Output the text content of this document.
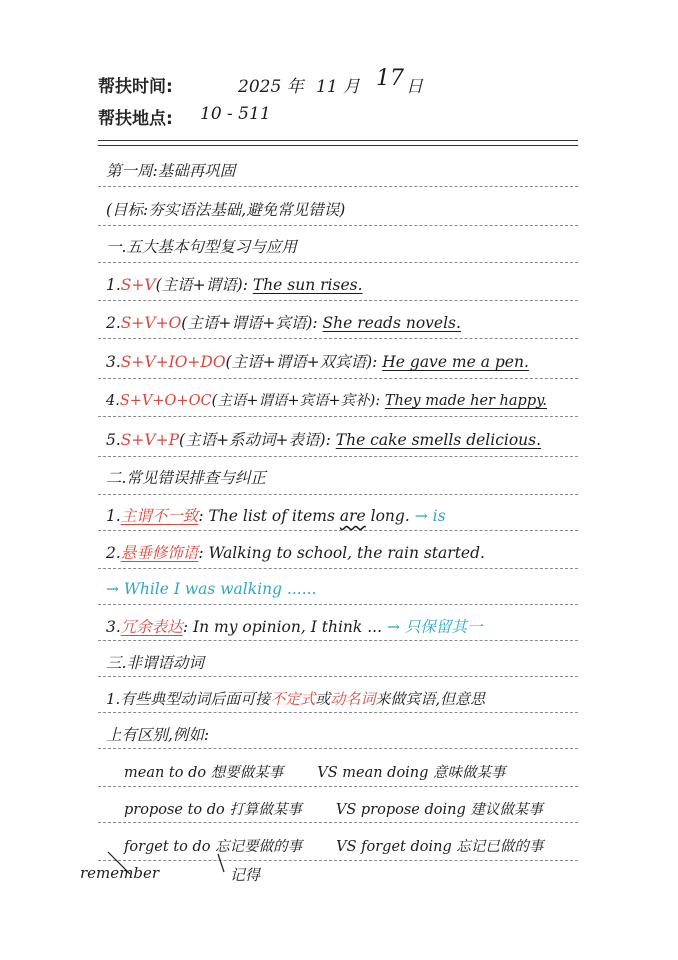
帮扶时间:	2025 年 11 月 17 日
帮扶地点: 10 - 511
第一周:基础再巩固
(目标:夯实语法基础,避免常见错误)
一.五大基本句型复习与应用
1.S+V(主语+谓语): The sun rises.
2.S+V+O(主语+谓语+宾语): She reads novels.
3.S+V+IO+DO(主语+谓语+双宾语): He gave me a pen.
4.S+V+O+OC(主语+谓语+宾语+宾补): They made her happy.
5.S+V+P(主语+系动词+表语): The cake smells delicious.
二.常见错误排查与纠正
1.主谓不一致: The list of items are long. → is
2.悬垂修饰语: Walking to school, the rain started.
→ While I was walking ......
3.冗余表达: In my opinion, I think ... → 只保留其一
三.非谓语动词
1.有些典型动词后面可接不定式或动名词来做宾语,但意思
上有区别,例如:
mean to do 想要做某事 VS mean doing 意味做某事
propose to do 打算做某事 VS propose doing 建议做某事
forget to do 忘记要做的事 VS forget doing 忘记已做的事
remember	记得
